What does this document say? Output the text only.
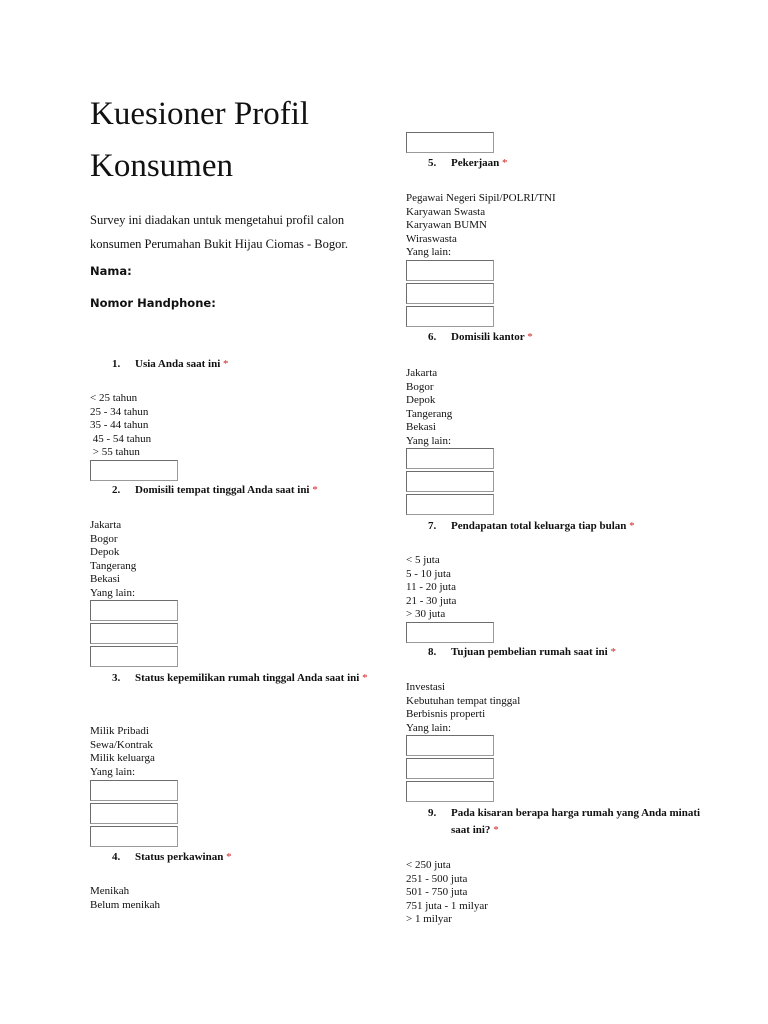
Kuesioner Profil
Konsumen
Survey ini diadakan untuk mengetahui profil calon konsumen Perumahan Bukit Hijau Ciomas - Bogor.
Nama:
Nomor Handphone:
1. Usia Anda saat ini *
< 25 tahun
25 - 34 tahun
35 - 44 tahun
45 - 54 tahun
> 55 tahun
2. Domisili tempat tinggal Anda saat ini *
Jakarta
Bogor
Depok
Tangerang
Bekasi
Yang lain:
3. Status kepemilikan rumah tinggal Anda saat ini *
Milik Pribadi
Sewa/Kontrak
Milik keluarga
Yang lain:
4. Status perkawinan *
Menikah
Belum menikah
5. Pekerjaan *
Pegawai Negeri Sipil/POLRI/TNI
Karyawan Swasta
Karyawan BUMN
Wiraswasta
Yang lain:
6. Domisili kantor *
Jakarta
Bogor
Depok
Tangerang
Bekasi
Yang lain:
7. Pendapatan total keluarga tiap bulan *
< 5 juta
5 - 10 juta
11 - 20 juta
21 - 30 juta
> 30 juta
8. Tujuan pembelian rumah saat ini *
Investasi
Kebutuhan tempat tinggal
Berbisnis properti
Yang lain:
9. Pada kisaran berapa harga rumah yang Anda minati saat ini? *
< 250 juta
251 - 500 juta
501 - 750 juta
751 juta - 1 milyar
> 1 milyar
